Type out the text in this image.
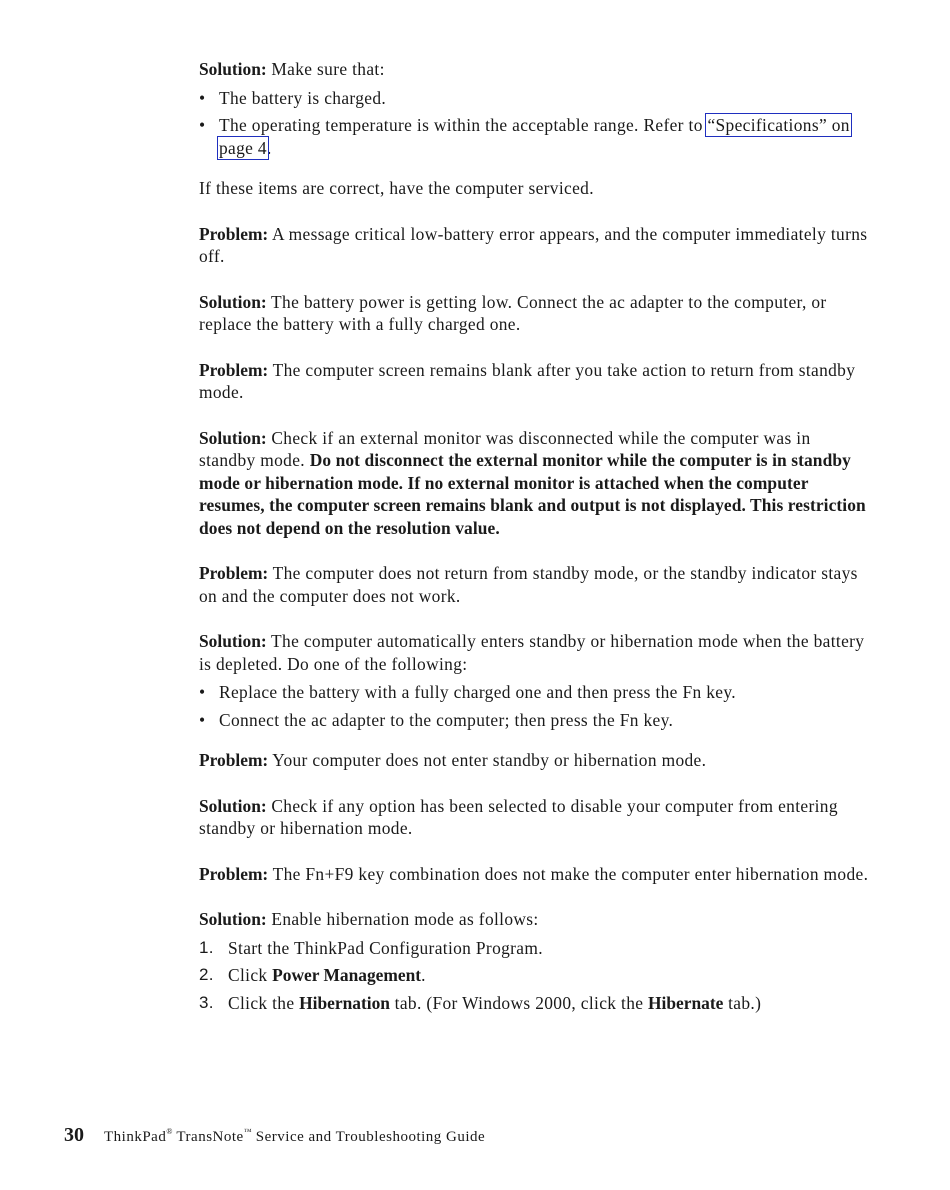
Solution: Make sure that:

• The battery is charged.
• The operating temperature is within the acceptable range. Refer to “Specifications” on page 4.

If these items are correct, have the computer serviced.

Problem: A message critical low-battery error appears, and the computer immediately turns off.

Solution: The battery power is getting low. Connect the ac adapter to the computer, or replace the battery with a fully charged one.

Problem: The computer screen remains blank after you take action to return from standby mode.

Solution: Check if an external monitor was disconnected while the computer was in standby mode. Do not disconnect the external monitor while the computer is in standby mode or hibernation mode. If no external monitor is attached when the computer resumes, the computer screen remains blank and output is not displayed. This restriction does not depend on the resolution value.

Problem: The computer does not return from standby mode, or the standby indicator stays on and the computer does not work.

Solution: The computer automatically enters standby or hibernation mode when the battery is depleted. Do one of the following:

• Replace the battery with a fully charged one and then press the Fn key.
• Connect the ac adapter to the computer; then press the Fn key.

Problem: Your computer does not enter standby or hibernation mode.

Solution: Check if any option has been selected to disable your computer from entering standby or hibernation mode.

Problem: The Fn+F9 key combination does not make the computer enter hibernation mode.

Solution: Enable hibernation mode as follows:

1. Start the ThinkPad Configuration Program.
2. Click Power Management.
3. Click the Hibernation tab. (For Windows 2000, click the Hibernate tab.)
30 ThinkPad® TransNote™ Service and Troubleshooting Guide
